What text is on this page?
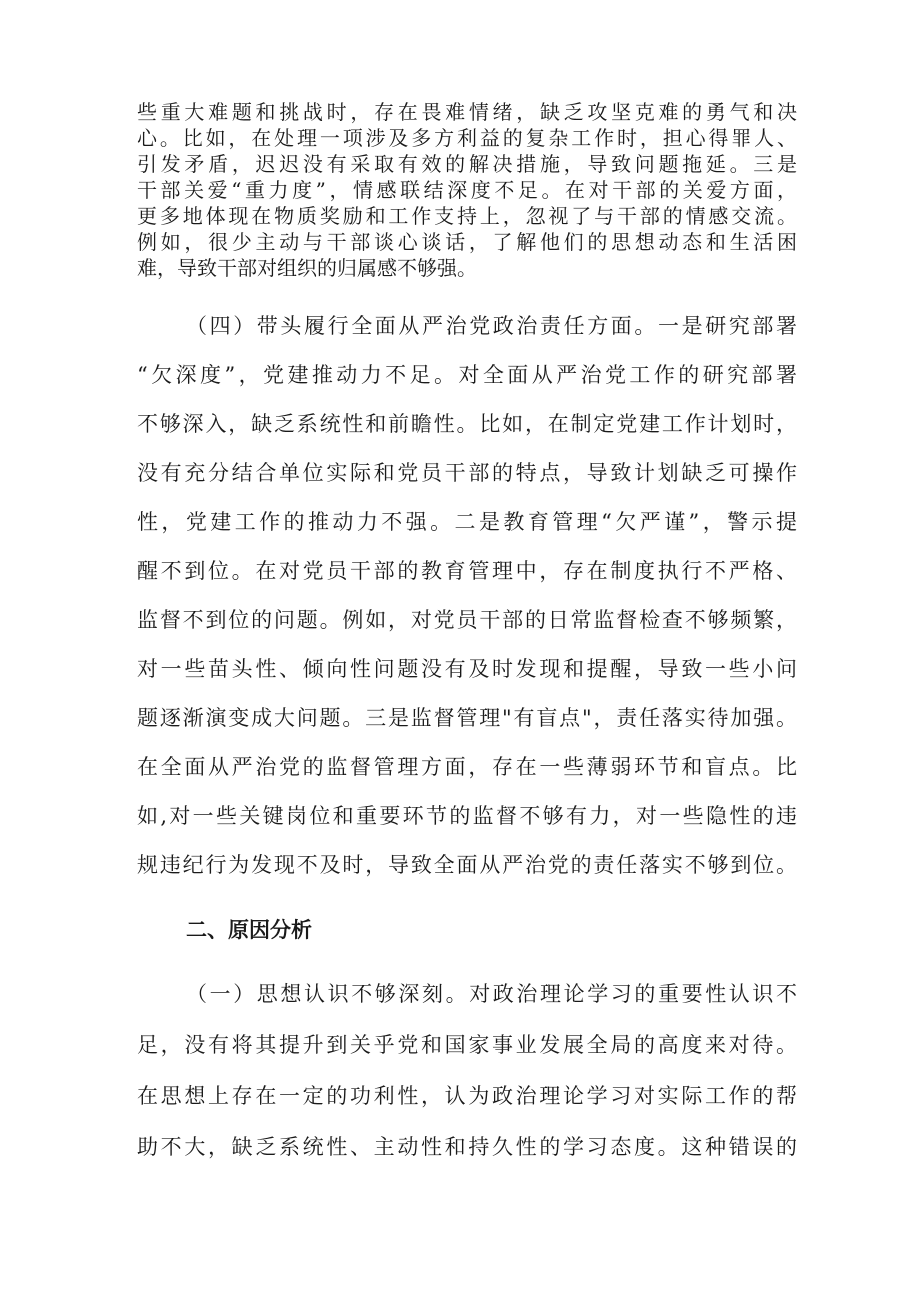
些重大难题和挑战时，存在畏难情绪，缺乏攻坚克难的勇气和决
心。比如，在处理一项涉及多方利益的复杂工作时，担心得罪人、
引发矛盾，迟迟没有采取有效的解决措施，导致问题拖延。三是
干部关爱“重力度”，情感联结深度不足。在对干部的关爱方面，
更多地体现在物质奖励和工作支持上，忽视了与干部的情感交流。
例如，很少主动与干部谈心谈话，了解他们的思想动态和生活困
难，导致干部对组织的归属感不够强。
（四）带头履行全面从严治党政治责任方面。一是研究部署
“欠深度”，党建推动力不足。对全面从严治党工作的研究部署
不够深入，缺乏系统性和前瞻性。比如，在制定党建工作计划时，
没有充分结合单位实际和党员干部的特点，导致计划缺乏可操作
性，党建工作的推动力不强。二是教育管理“欠严谨”，警示提
醒不到位。在对党员干部的教育管理中，存在制度执行不严格、
监督不到位的问题。例如，对党员干部的日常监督检查不够频繁，
对一些苗头性、倾向性问题没有及时发现和提醒，导致一些小问
题逐渐演变成大问题。三是监督管理"有盲点"，责任落实待加强。
在全面从严治党的监督管理方面，存在一些薄弱环节和盲点。比
如,对一些关键岗位和重要环节的监督不够有力，对一些隐性的违
规违纪行为发现不及时，导致全面从严治党的责任落实不够到位。
二、原因分析
（一）思想认识不够深刻。对政治理论学习的重要性认识不
足，没有将其提升到关乎党和国家事业发展全局的高度来对待。
在思想上存在一定的功利性，认为政治理论学习对实际工作的帮
助不大，缺乏系统性、主动性和持久性的学习态度。这种错误的
